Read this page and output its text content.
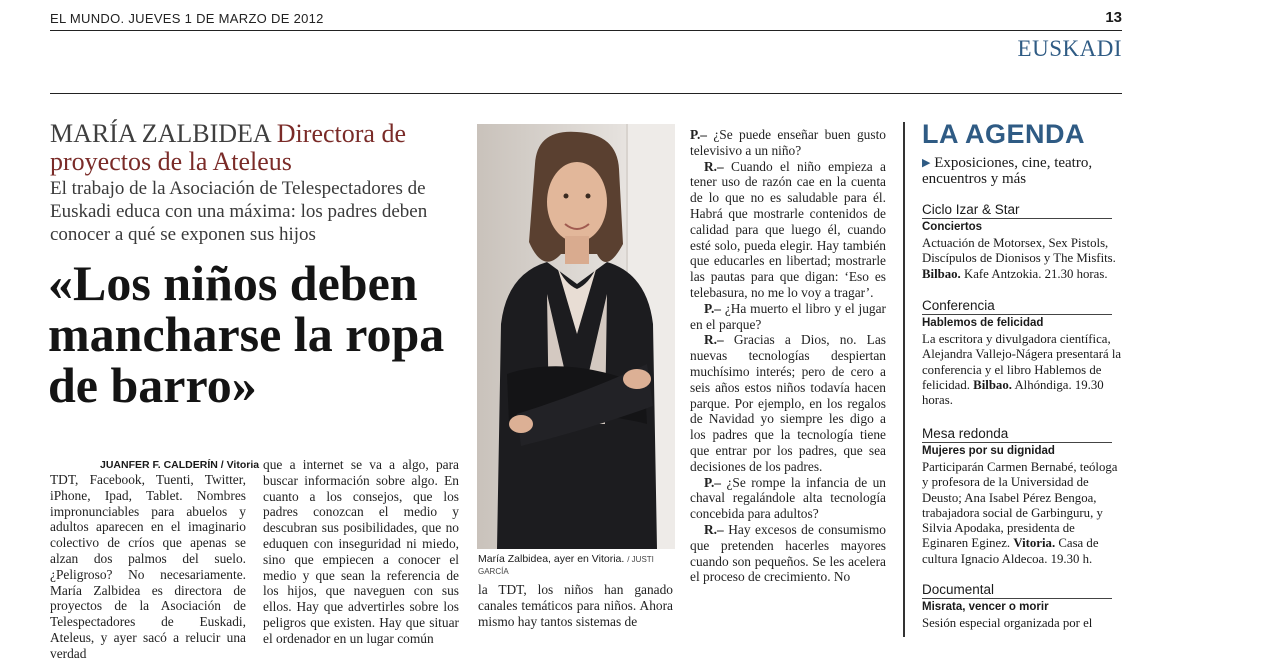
EL MUNDO. JUEVES 1 DE MARZO DE 2012	13
EUSKADI
MARÍA ZALBIDEA Directora de proyectos de la Ateleus
El trabajo de la Asociación de Telespectadores de Euskadi educa con una máxima: los padres deben conocer a qué se exponen sus hijos
«Los niños deben mancharse la ropa de barro»
JUANFER F. CALDERÍN / Vitoria

TDT, Facebook, Tuenti, Twitter, iPhone, Ipad, Tablet. Nombres impronunciables para abuelos y adultos aparecen en el imaginario colectivo de críos que apenas se alzan dos palmos del suelo. ¿Peligroso? No necesariamente. María Zalbidea es directora de proyectos de la Asociación de Telespectadores de Euskadi, Ateleus, y ayer sacó a relucir una verdad

que a internet se va a algo, para buscar información sobre algo. En cuanto a los consejos, que los padres conozcan el medio y descubran sus posibilidades, que no eduquen con inseguridad ni miedo, sino que empiecen a conocer el medio y que sean la referencia de los hijos, que naveguen con sus ellos. Hay que advertirles sobre los peligros que existen. Hay que situar el ordenador en un lugar común

María Zalbidea, ayer en Vitoria. / JUSTI GARCÍA

la TDT, los niños han ganado canales temáticos para niños. Ahora mismo hay tantos sistemas de

P.– ¿Se puede enseñar buen gusto televisivo a un niño?

R.– Cuando el niño empieza a tener uso de razón cae en la cuenta de lo que no es saludable para él. Habrá que mostrarle contenidos de calidad para que luego él, cuando esté solo, pueda elegir. Hay también que educarles en libertad; mostrarle las pautas para que digan: ‘Eso es telebasura, no me lo voy a tragar’.

P.– ¿Ha muerto el libro y el jugar en el parque?

R.– Gracias a Dios, no. Las nuevas tecnologías despiertan muchísimo interés; pero de cero a seis años estos niños todavía hacen parque. Por ejemplo, en los regalos de Navidad yo siempre les digo a los padres que la tecnología tiene que entrar por los padres, que sea decisiones de los padres.

P.– ¿Se rompe la infancia de un chaval regalándole alta tecnología concebida para adultos?

R.– Hay excesos de consumismo que pretenden hacerles mayores cuando son pequeños. Se les acelera el proceso de crecimiento. No

LA AGENDA
▶ Exposiciones, cine, teatro, encuentros y más
Ciclo Izar & Star
Conciertos
Actuación de Motorsex, Sex Pistols, Discípulos de Dionisos y The Misfits. Bilbao. Kafe Antzokia. 21.30 horas.
Conferencia
Hablemos de felicidad
La escritora y divulgadora científica, Alejandra Vallejo-Nágera presentará la conferencia y el libro Hablemos de felicidad. Bilbao. Alhóndiga. 19.30 horas.
Mesa redonda
Mujeres por su dignidad
Participarán Carmen Bernabé, teóloga y profesora de la Universidad de Deusto; Ana Isabel Pérez Bengoa, trabajadora social de Garbinguru, y Silvia Apodaka, presidenta de Eginaren Eginez. Vitoria. Casa de cultura Ignacio Aldecoa. 19.30 h.
Documental
Misrata, vencer o morir
Sesión especial organizada por el
